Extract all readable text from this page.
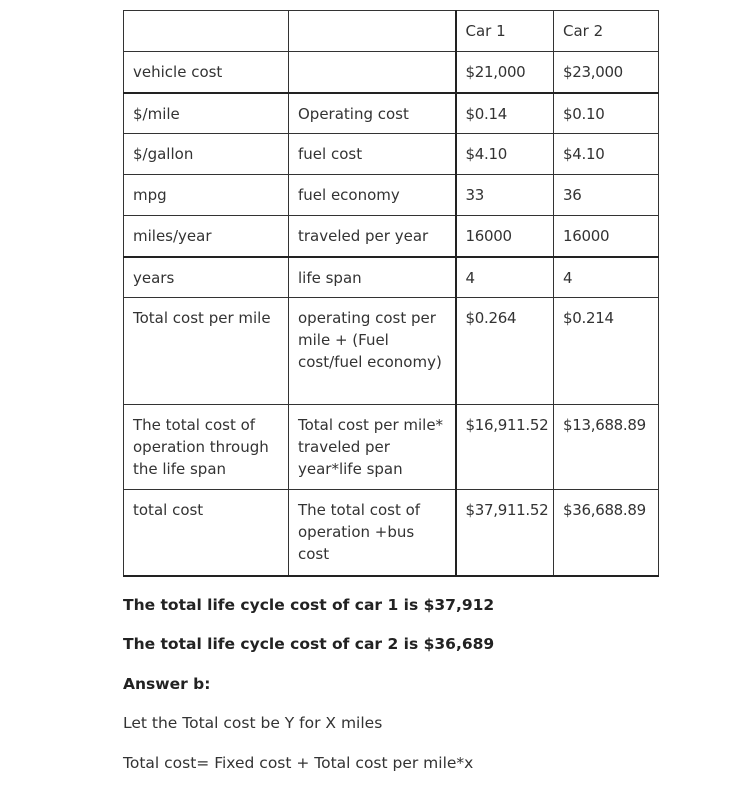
		Car 1	Car 2
vehicle cost		$21,000	$23,000
$/mile	Operating cost	$0.14	$0.10
$/gallon	fuel cost	$4.10	$4.10
mpg	fuel economy	33	36
miles/year	traveled per year	16000	16000
years	life span	4	4
Total cost per mile	operating cost per mile + (Fuel cost/fuel economy)	$0.264	$0.214
The total cost of operation through the life span	Total cost per mile* traveled per year*life span	$16,911.52	$13,688.89
total cost	The total cost of operation +bus cost	$37,911.52	$36,688.89

The total life cycle cost of car 1 is $37,912

The total life cycle cost of car 2 is $36,689

Answer b:

Let the Total cost be Y for X miles

Total cost= Fixed cost + Total cost per mile*x
